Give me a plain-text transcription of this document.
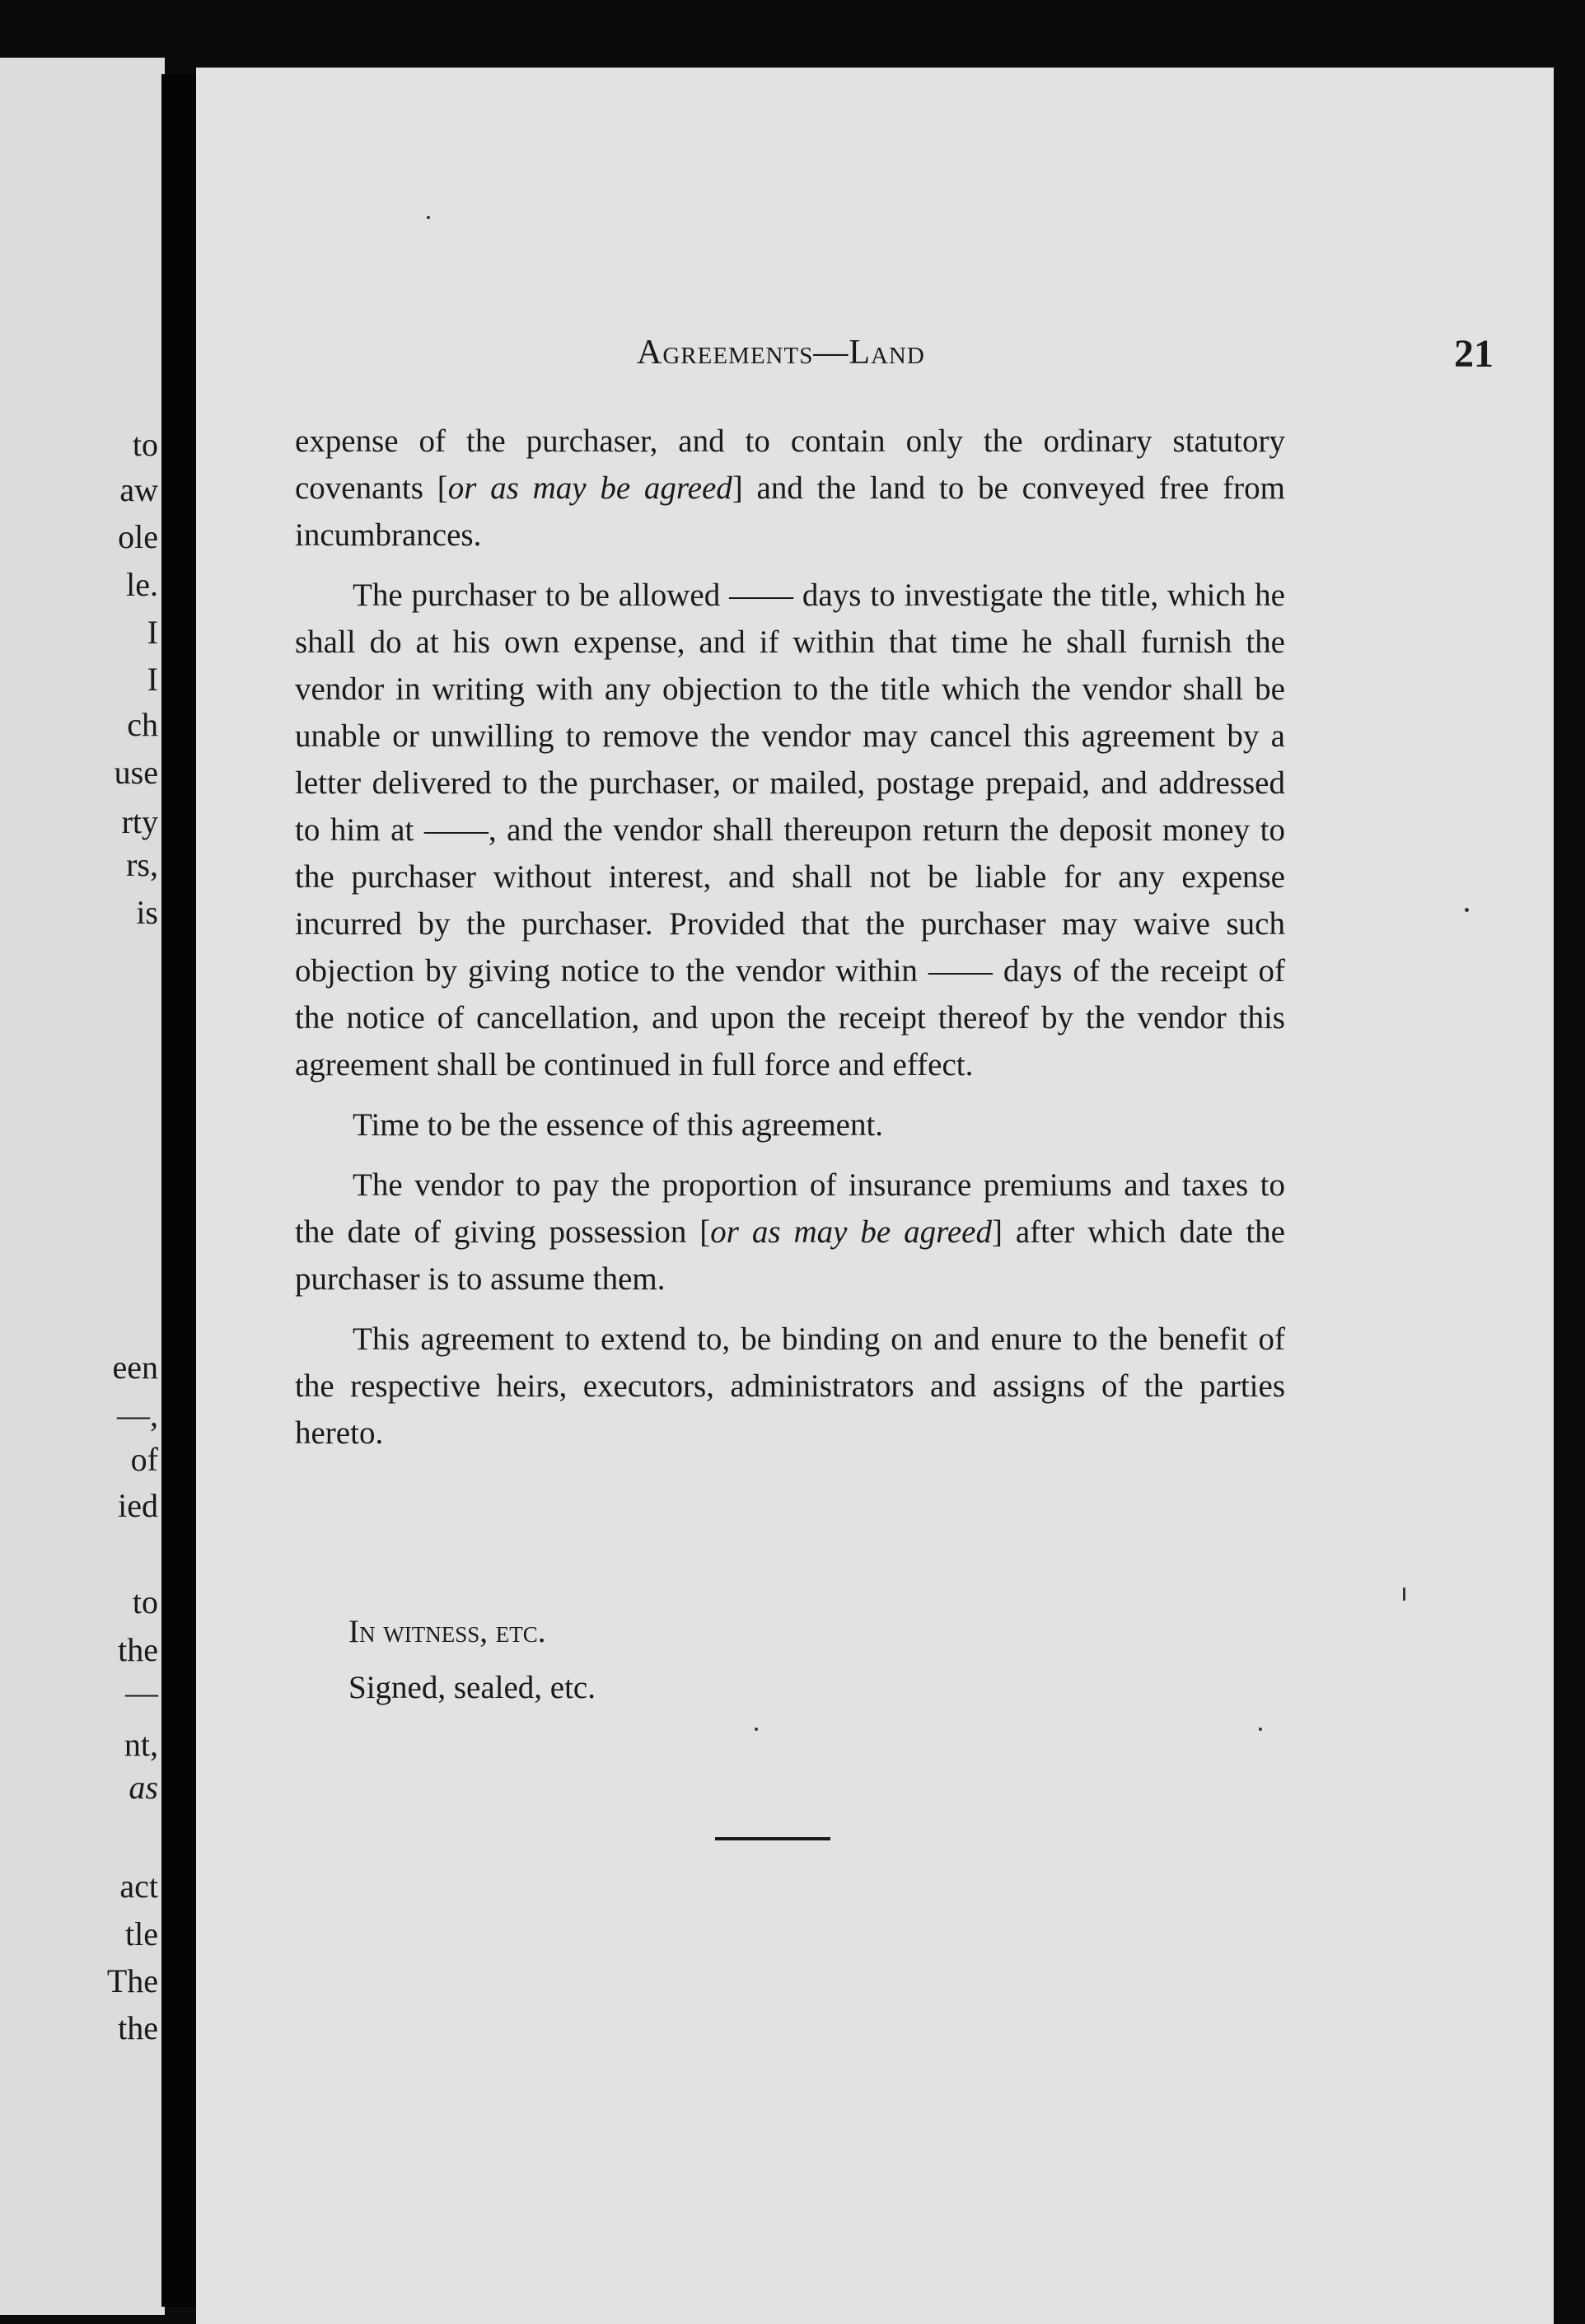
to
aw
ole
le.
I
I
ch
use
rty
rs,
is
een
—,
of
ied
to
the
—
nt,
as
act
tle
The
the
Agreements—Land	21

expense of the purchaser, and to contain only the ordinary statutory covenants [or as may be agreed] and the land to be conveyed free from incumbrances.

The purchaser to be allowed —— days to investigate the title, which he shall do at his own expense, and if within that time he shall furnish the vendor in writing with any objection to the title which the vendor shall be unable or unwilling to remove the vendor may cancel this agreement by a letter delivered to the purchaser, or mailed, postage prepaid, and addressed to him at ——, and the vendor shall thereupon return the deposit money to the purchaser without interest, and shall not be liable for any expense incurred by the purchaser. Provided that the purchaser may waive such objection by giving notice to the vendor within —— days of the receipt of the notice of cancellation, and upon the receipt thereof by the vendor this agreement shall be continued in full force and effect.

Time to be the essence of this agreement.

The vendor to pay the proportion of insurance premiums and taxes to the date of giving possession [or as may be agreed] after which date the purchaser is to assume them.

This agreement to extend to, be binding on and enure to the benefit of the respective heirs, executors, administrators and assigns of the parties hereto.

In witness, etc.
Signed, sealed, etc.
